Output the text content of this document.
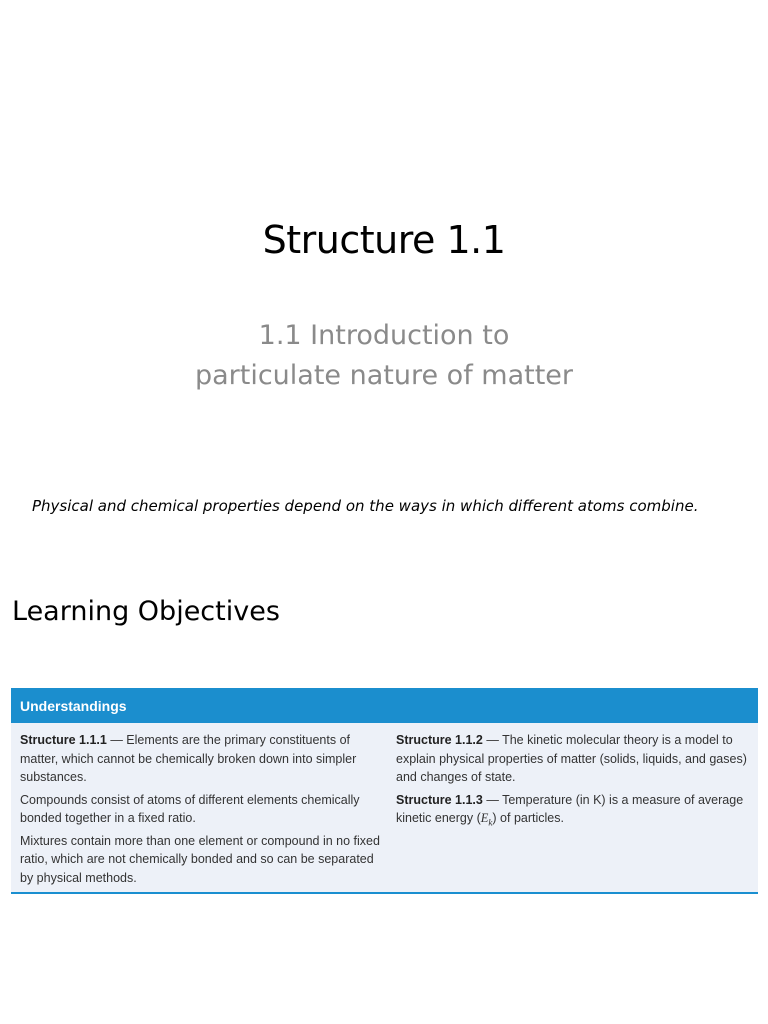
Structure 1.1
1.1 Introduction to
particulate nature of matter

Physical and chemical properties depend on the ways in which different atoms combine.

Learning Objectives
Understandings

Structure 1.1.1 — Elements are the primary constituents of matter, which cannot be chemically broken down into simpler substances.

Compounds consist of atoms of different elements chemically bonded together in a fixed ratio.

Mixtures contain more than one element or compound in no fixed ratio, which are not chemically bonded and so can be separated by physical methods.

Structure 1.1.2 — The kinetic molecular theory is a model to explain physical properties of matter (solids, liquids, and gases) and changes of state.

Structure 1.1.3 — Temperature (in K) is a measure of average kinetic energy $(E_k)$ of particles.
